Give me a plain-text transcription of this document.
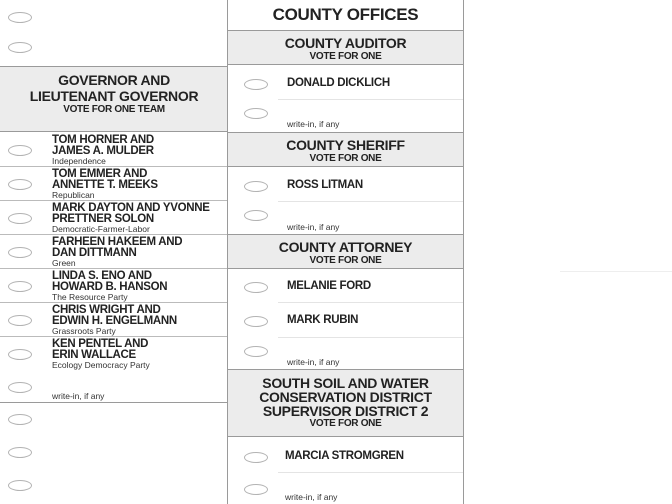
GOVERNOR AND LIEUTENANT GOVERNOR
VOTE FOR ONE TEAM
TOM HORNER AND JAMES A. MULDER
Independence
TOM EMMER AND ANNETTE T. MEEKS
Republican
MARK DAYTON AND YVONNE PRETTNER SOLON
Democratic-Farmer-Labor
FARHEEN HAKEEM AND DAN DITTMANN
Green
LINDA S. ENO AND HOWARD B. HANSON
The Resource Party
CHRIS WRIGHT AND EDWIN H. ENGELMANN
Grassroots Party
KEN PENTEL AND ERIN WALLACE
Ecology Democracy Party
write-in, if any
COUNTY OFFICES
COUNTY AUDITOR
VOTE FOR ONE
DONALD DICKLICH
write-in, if any
COUNTY SHERIFF
VOTE FOR ONE
ROSS LITMAN
write-in, if any
COUNTY ATTORNEY
VOTE FOR ONE
MELANIE FORD
MARK RUBIN
write-in, if any
SOUTH SOIL AND WATER CONSERVATION DISTRICT SUPERVISOR DISTRICT 2
VOTE FOR ONE
MARCIA STROMGREN
write-in, if any
